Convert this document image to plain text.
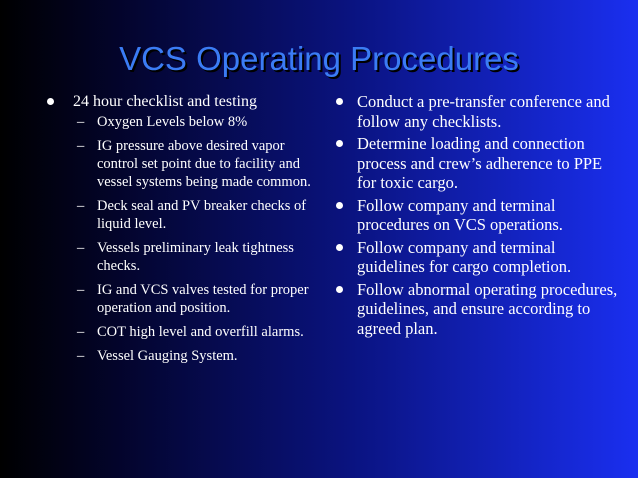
VCS Operating Procedures
24 hour checklist and testing
– Oxygen Levels below 8%
– IG pressure above desired vapor control set point due to facility and vessel systems being made common.
– Deck seal and PV breaker checks of liquid level.
– Vessels preliminary leak tightness checks.
– IG and VCS valves tested for proper operation and position.
– COT high level and overfill alarms.
– Vessel Gauging System.
Conduct a pre-transfer conference and follow any checklists.
Determine loading and connection process and crew’s adherence to PPE for toxic cargo.
Follow company and terminal procedures on VCS operations.
Follow company and terminal guidelines for cargo completion.
Follow abnormal operating procedures, guidelines, and ensure according to agreed plan.
